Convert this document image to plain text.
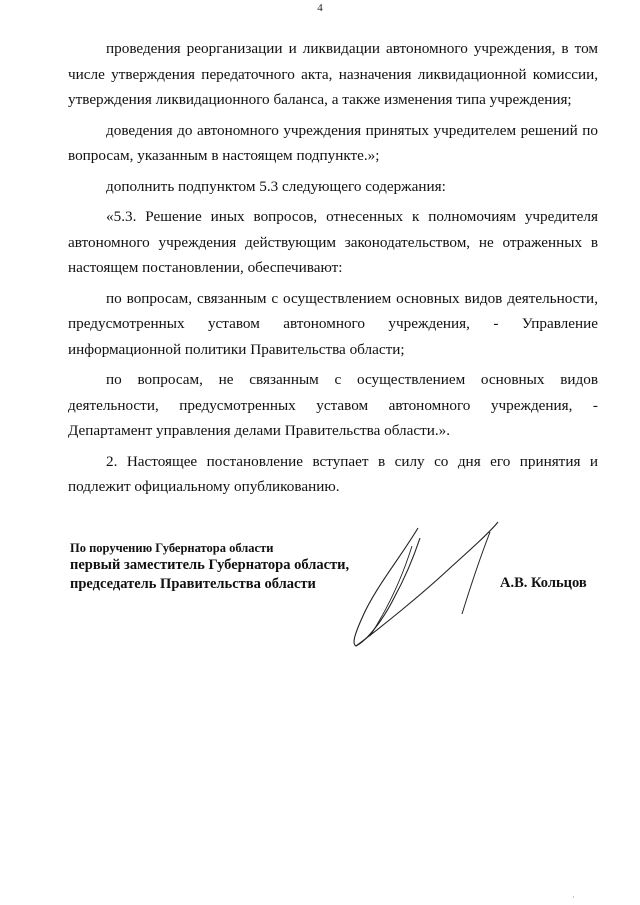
4

проведения реорганизации и ликвидации автономного учреждения, в том числе утверждения передаточного акта, назначения ликвидационной комиссии, утверждения ликвидационного баланса, а также изменения типа учреждения;

доведения до автономного учреждения принятых учредителем решений по вопросам, указанным в настоящем подпункте.»;

дополнить подпунктом 5.3 следующего содержания:

«5.3. Решение иных вопросов, отнесенных к полномочиям учредителя автономного учреждения действующим законодательством, не отраженных в настоящем постановлении, обеспечивают:

по вопросам, связанным с осуществлением основных видов деятельности, предусмотренных уставом автономного учреждения, - Управление информационной политики Правительства области;

по вопросам, не связанным с осуществлением основных видов деятельности, предусмотренных уставом автономного учреждения, - Департамент управления делами Правительства области.».

2. Настоящее постановление вступает в силу со дня его принятия и подлежит официальному опубликованию.

По поручению Губернатора области
первый заместитель Губернатора области,
председатель Правительства области	А.В. Кольцов
·
